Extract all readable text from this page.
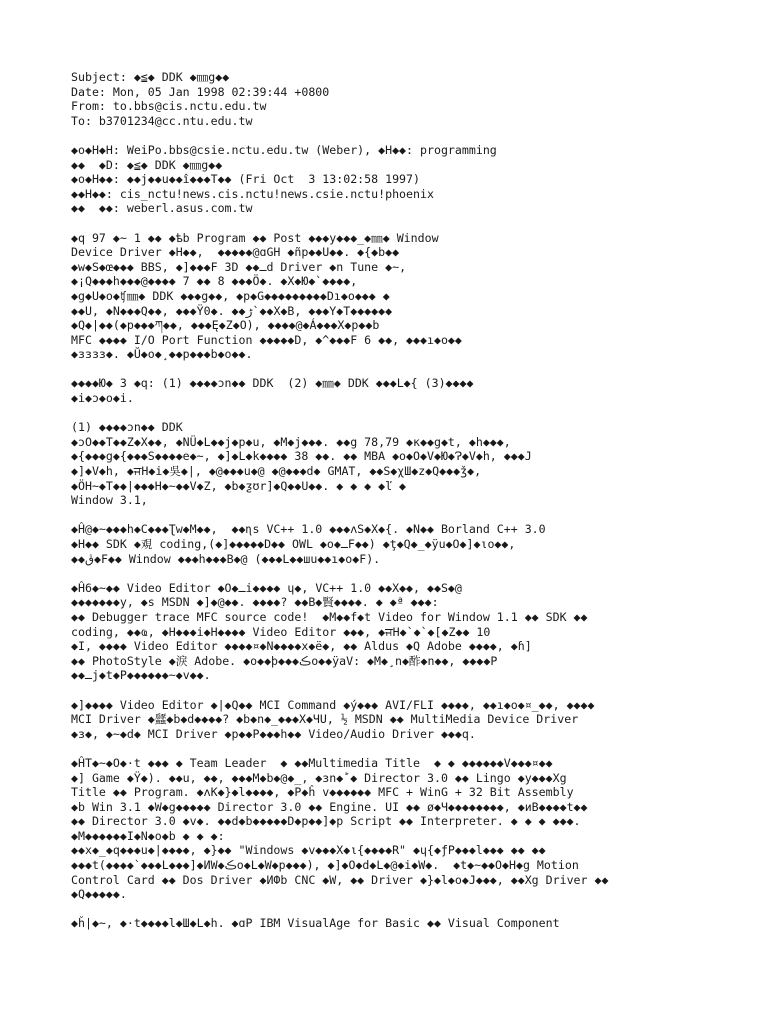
Subject: ◆≦◆ DDK ◆㎜g◆◆
Date: Mon, 05 Jan 1998 02:39:44 +0800
From: to.bbs@cis.nctu.edu.tw
To: b3701234@cc.ntu.edu.tw
◆o◆H◆H: WeiPo.bbs@csie.nctu.edu.tw (Weber), ◆H◆◆: programming
◆◆  ◆D: ◆≦◆ DDK ◆㎜g◆◆
◆o◆H◆◆: ◆◆j◆◆u◆◆î◆◆◆T◆◆ (Fri Oct  3 13:02:58 1997)
◆◆H◆◆: cis_nctu!news.cis.nctu!news.csie.nctu!phoenix
◆◆  ◆◆: weberl.asus.com.tw
◆q 97 ◆~ 1 ◆◆ ◆ѣb Program ◆◆ Post ◆◆◆y◆◆◆_◆㎜◆ Window
Device Driver ◆H◆◆,  ◆◆◆◆◆@ɑGH ◆ñp◆◆U◆◆. ◆{◆b◆◆
◆w◆S◆œ◆◆◆ BBS, ◆]◆◆◆F 3D ◆◆ـd Driver ◆n Tune ◆~,
◆¡Q◆◆◆h◆◆◆@◆◆◆◆ 7 ◆◆ 8 ◆◆◆Ö◆. ◆X◆Ю◆`◆◆◆◆,
◆g◆U◆o◆ʧ㎜◆ DDK ◆◆◆g◆◆, ◆p◆G◆◆◆◆◆◆◆◆◆Dı◆o◆◆◆ ◆
◆◆U, ◆N◆◆◆Q◆◆, ◆◆◆Ÿ0◆. ◆◆ڑ`◆◆X◆B, ◆◆◆Y◆T◆◆◆◆◆◆
◆Q◆|◆◆(◆p◆◆◆ཀ◆◆, ◆◆◆Ę◆Z◆O), ◆◆◆◆@◆Á◆◆◆X◆p◆◆b
MFC ◆◆◆◆ I/O Port Function ◆◆◆◆◆D, ◆^◆◆◆F 6 ◆◆, ◆◆◆ı◆o◆◆
◆зззз◆. ◆Ŭ◆o◆¸◆◆p◆◆◆b◆o◆◆.
◆◆◆◆Ю◆ 3 ◆q: (1) ◆◆◆◆ɔn◆◆ DDK  (2) ◆㎜◆ DDK ◆◆◆L◆{ (3)◆◆◆◆
◆i◆ɔ◆o◆i.
(1) ◆◆◆◆ɔn◆◆ DDK
◆ɔO◆◆T◆◆Z◆X◆◆, ◆NÜ◆L◆◆j◆p◆u, ◆M◆j◆◆◆. ◆◆g 78,79 ◆к◆◆g◆t, ◆h◆◆◆,
◆{◆◆◆g◆{◆◆◆S◆◆◆◆e◆~, ◆]◆L◆k◆◆◆◆ 38 ◆◆. ◆◆ MBA ◆o◆O◆V◆Ю◆Ɂ◆V◆h, ◆◆◆J
◆]◆V◆h, ◆ਜH◆i◆吳◆|, ◆@◆◆◆u◆@ ◆@◆◆◆d◆ GMAT, ◆◆S◆χШ◆z◆Q◆◆◆ǯ◆,
◆ÖH~◆T◆◆|◆◆◆H◆~◆◆V◆Z, ◆b◆ƺʊr]◆Q◆◆U◆◆. ◆ ◆ ◆ ◆ľ ◆
Window 3.1,
◆Ĥ@◆~◆◆◆h◆C◆◆◆Ʈw◆M◆◆,  ◆◆ɳs VC++ 1.0 ◆◆◆ʌS◆X◆{. ◆N◆◆ Borland C++ 3.0
◆H◆◆ SDK ◆覌 coding,(◆]◆◆◆◆◆D◆◆ OWL ◆o◆ـF◆◆) ◆ţ◆Q◆_◆ÿu◆O◆]◆ιo◆◆,
◆◆ڨ◆F◆◆ Window ◆◆◆h◆◆◆B◆@ (◆◆◆L◆◆шu◆◆ı◆o◆F).
◆Ĥ6◆~◆◆ Video Editor ◆O◆ـi◆◆◆◆ ɥ◆, VC++ 1.0 ◆◆X◆◆, ◆◆S◆@
◆◆◆◆◆◆◆y, ◆s MSDN ◆]◆@◆◆. ◆◆◆◆? ◆◆B◆賢◆◆◆◆. ◆ ◆ª ◆◆◆:
◆◆ Debugger trace MFC source code!  ◆M◆◆f◆t Video for Window 1.1 ◆◆ SDK ◆◆
coding, ◆◆ҩ, ◆H◆◆◆i◆H◆◆◆◆ Video Editor ◆◆◆, ◆ਜH◆`◆`◆[◆Z◆◆ 10
◆I, ◆◆◆◆ Video Editor ◆◆◆◆¤◆N◆◆◆◆x◆ë◆, ◆◆ Aldus ◆Q Adobe ◆◆◆◆, ◆ɦ]
◆◆ PhotoStyle ◆淚 Adobe. ◆o◆◆þ◆◆◆ڪo◆◆ÿaV: ◆M◆¸n◆酢◆n◆◆, ◆◆◆◆P
◆◆ـj◆t◆P◆◆◆◆◆◆~◆v◆◆.
◆]◆◆◆◆ Video Editor ◆|◆Q◆◆ MCI Command ◆ý◆◆◆ AVI/FLI ◆◆◆◆, ◆◆ı◆o◆¤_◆◆, ◆◆◆◆
MCI Driver ◆瓥◆b◆d◆◆◆◆? ◆b◆n◆_◆◆◆X◆ЧU, ½ MSDN ◆◆ MultiMedia Device Driver
◆ɜ◆, ◆~◆d◆ MCI Driver ◆p◆◆P◆◆◆h◆◆ Video/Audio Driver ◆◆◆q.
◆ĤT◆~◆O◆·t ◆◆◆ ◆ Team Leader  ◆ ◆◆Multimedia Title  ◆ ◆ ◆◆◆◆◆◆V◆◆◆¤◆◆
◆] Game ◆Ÿ◆). ◆◆u, ◆◆, ◆◆◆M◆b◆@◆_, ◆ɜn◆ؕ◆ Director 3.0 ◆◆ Lingo ◆y◆◆◆Xg
Title ◆◆ Program. ◆ʌK◆}◆l◆◆◆◆, ◆P◆ĥ v◆◆◆◆◆◆ MFC + WinG + 32 Bit Assembly
◆b Win 3.1 ◆W◆g◆◆◆◆◆ Director 3.0 ◆◆ Engine. UI ◆◆ ø◆Ч◆◆◆◆◆◆◆◆, ◆иB◆◆◆◆t◆◆
◆◆ Director 3.0 ◆v◆. ◆◆d◆b◆◆◆◆◆D◆p◆◆]◆p Script ◆◆ Interpreter. ◆ ◆ ◆ ◆◆◆.
◆M◆◆◆◆◆◆I◆N◆o◆b ◆ ◆ ◆:
◆◆x◆_◆q◆◆◆u◆|◆◆◆◆, ◆}◆◆ "Windows ◆v◆◆◆X◆ι{◆◆◆◆R" ◆ɥ{◆ƒP◆◆◆l◆◆◆ ◆◆ ◆◆
◆◆◆t(◆◆◆◆`◆◆◆L◆◆◆]◆ИW◆ڪo◆L◆W◆p◆◆◆), ◆]◆O◆d◆L◆@◆i◆W◆.  ◆t◆~◆◆O◆H◆g Motion
Control Card ◆◆ Dos Driver ◆ИФb CNC ◆W, ◆◆ Driver ◆}◆l◆o◆J◆◆◆, ◆◆Xg Driver ◆◆
◆Q◆◆◆◆◆.
◆ȟ|◆~, ◆·t◆◆◆◆l◆Ш◆L◆h. ◆ɑP IBM VisualAge for Basic ◆◆ Visual Component
